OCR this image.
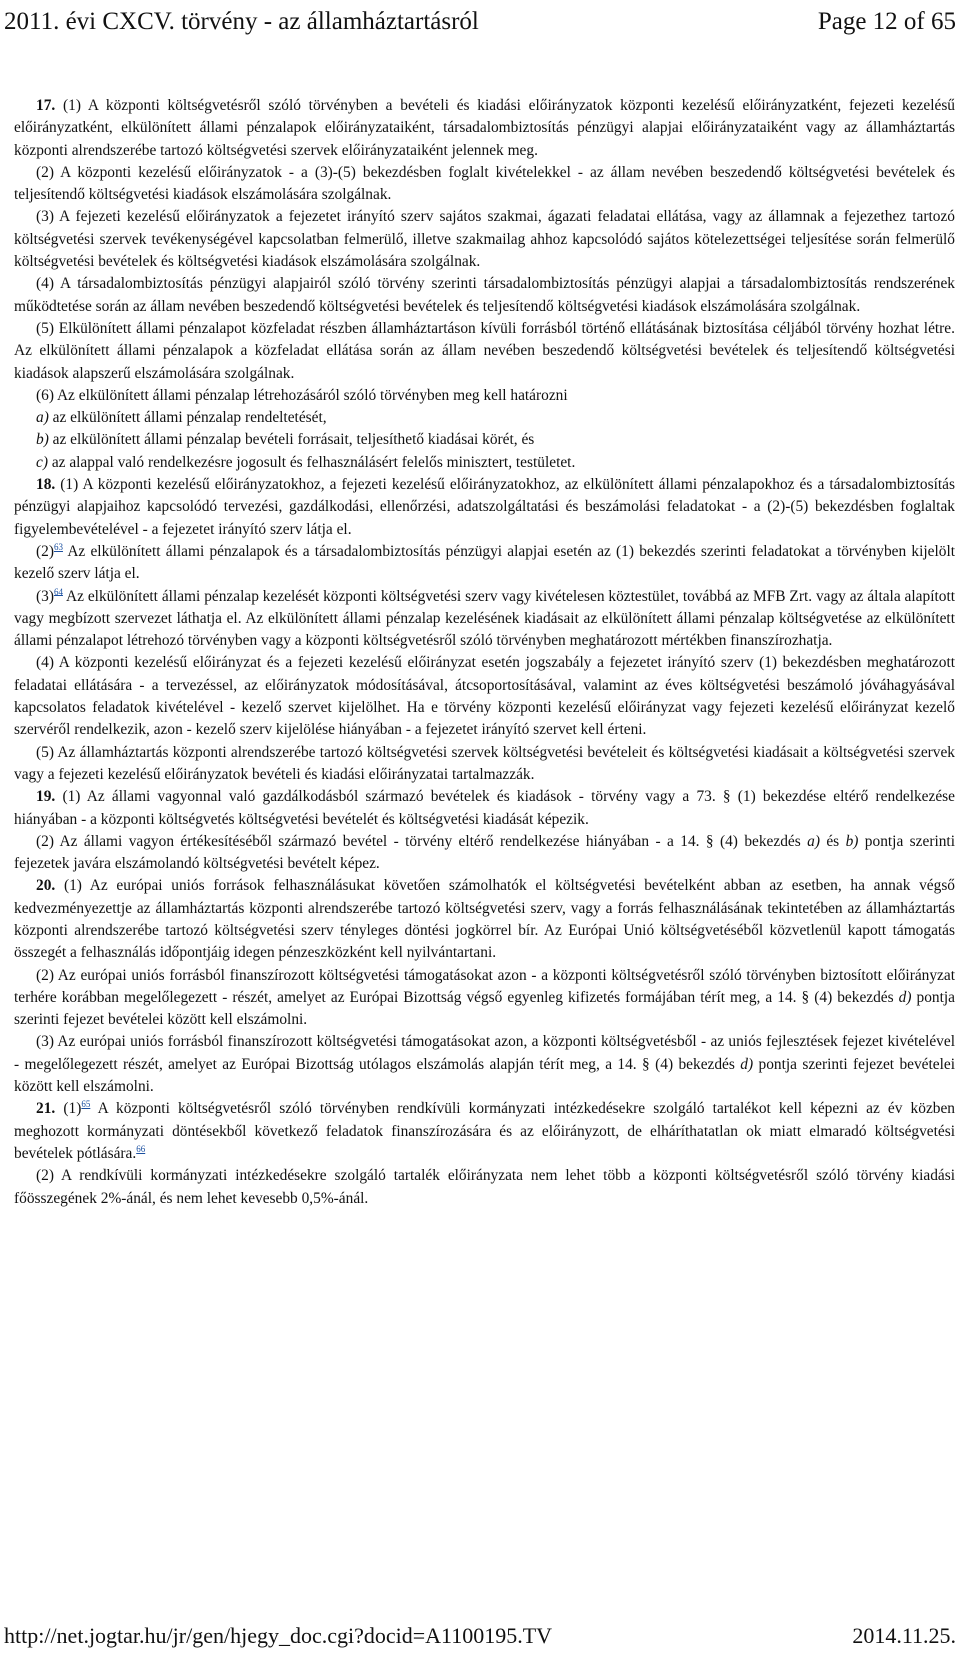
2011. évi CXCV. törvény - az államháztartásról	Page 12 of 65

17. (1) A központi költségvetésről szóló törvényben a bevételi és kiadási előirányzatok központi kezelésű előirányzatként, fejezeti kezelésű előirányzatként, elkülönített állami pénzalapok előirányzataiként, társadalombiztosítás pénzügyi alapjai előirányzataiként vagy az államháztartás központi alrendszerébe tartozó költségvetési szervek előirányzataiként jelennek meg.

(2) A központi kezelésű előirányzatok - a (3)-(5) bekezdésben foglalt kivételekkel - az állam nevében beszedendő költségvetési bevételek és teljesítendő költségvetési kiadások elszámolására szolgálnak.

(3) A fejezeti kezelésű előirányzatok a fejezetet irányító szerv sajátos szakmai, ágazati feladatai ellátása, vagy az államnak a fejezethez tartozó költségvetési szervek tevékenységével kapcsolatban felmerülő, illetve szakmailag ahhoz kapcsolódó sajátos kötelezettségei teljesítése során felmerülő költségvetési bevételek és költségvetési kiadások elszámolására szolgálnak.

(4) A társadalombiztosítás pénzügyi alapjairól szóló törvény szerinti társadalombiztosítás pénzügyi alapjai a társadalombiztosítás rendszerének működtetése során az állam nevében beszedendő költségvetési bevételek és teljesítendő költségvetési kiadások elszámolására szolgálnak.

(5) Elkülönített állami pénzalapot közfeladat részben államháztartáson kívüli forrásból történő ellátásának biztosítása céljából törvény hozhat létre. Az elkülönített állami pénzalapok a közfeladat ellátása során az állam nevében beszedendő költségvetési bevételek és teljesítendő költségvetési kiadások alapszerű elszámolására szolgálnak.

(6) Az elkülönített állami pénzalap létrehozásáról szóló törvényben meg kell határozni

a) az elkülönített állami pénzalap rendeltetését,

b) az elkülönített állami pénzalap bevételi forrásait, teljesíthető kiadásai körét, és

c) az alappal való rendelkezésre jogosult és felhasználásért felelős minisztert, testületet.

18. (1) A központi kezelésű előirányzatokhoz, a fejezeti kezelésű előirányzatokhoz, az elkülönített állami pénzalapokhoz és a társadalombiztosítás pénzügyi alapjaihoz kapcsolódó tervezési, gazdálkodási, ellenőrzési, adatszolgáltatási és beszámolási feladatokat - a (2)-(5) bekezdésben foglaltak figyelembevételével - a fejezetet irányító szerv látja el.

(2)$^{63}$ Az elkülönített állami pénzalapok és a társadalombiztosítás pénzügyi alapjai esetén az (1) bekezdés szerinti feladatokat a törvényben kijelölt kezelő szerv látja el.

(3)$^{64}$ Az elkülönített állami pénzalap kezelését központi költségvetési szerv vagy kivételesen köztestület, továbbá az MFB Zrt. vagy az általa alapított vagy megbízott szervezet láthatja el. Az elkülönített állami pénzalap kezelésének kiadásait az elkülönített állami pénzalap költségvetése az elkülönített állami pénzalapot létrehozó törvényben vagy a központi költségvetésről szóló törvényben meghatározott mértékben finanszírozhatja.

(4) A központi kezelésű előirányzat és a fejezeti kezelésű előirányzat esetén jogszabály a fejezetet irányító szerv (1) bekezdésben meghatározott feladatai ellátására - a tervezéssel, az előirányzatok módosításával, átcsoportosításával, valamint az éves költségvetési beszámoló jóváhagyásával kapcsolatos feladatok kivételével - kezelő szervet kijelölhet. Ha e törvény központi kezelésű előirányzat vagy fejezeti kezelésű előirányzat kezelő szervéről rendelkezik, azon - kezelő szerv kijelölése hiányában - a fejezetet irányító szervet kell érteni.

(5) Az államháztartás központi alrendszerébe tartozó költségvetési szervek költségvetési bevételeit és költségvetési kiadásait a költségvetési szervek vagy a fejezeti kezelésű előirányzatok bevételi és kiadási előirányzatai tartalmazzák.

19. (1) Az állami vagyonnal való gazdálkodásból származó bevételek és kiadások - törvény vagy a 73. § (1) bekezdése eltérő rendelkezése hiányában - a központi költségvetés költségvetési bevételét és költségvetési kiadását képezik.

(2) Az állami vagyon értékesítéséből származó bevétel - törvény eltérő rendelkezése hiányában - a 14. § (4) bekezdés a) és b) pontja szerinti fejezetek javára elszámolandó költségvetési bevételt képez.

20. (1) Az európai uniós források felhasználásukat követően számolhatók el költségvetési bevételként abban az esetben, ha annak végső kedvezményezettje az államháztartás központi alrendszerébe tartozó költségvetési szerv, vagy a forrás felhasználásának tekintetében az államháztartás központi alrendszerébe tartozó költségvetési szerv tényleges döntési jogkörrel bír. Az Európai Unió költségvetéséből közvetlenül kapott támogatás összegét a felhasználás időpontjáig idegen pénzeszközként kell nyilvántartani.

(2) Az európai uniós forrásból finanszírozott költségvetési támogatásokat azon - a központi költségvetésről szóló törvényben biztosított előirányzat terhére korábban megelőlegezett - részét, amelyet az Európai Bizottság végső egyenleg kifizetés formájában térít meg, a 14. § (4) bekezdés d) pontja szerinti fejezet bevételei között kell elszámolni.

(3) Az európai uniós forrásból finanszírozott költségvetési támogatásokat azon, a központi költségvetésből - az uniós fejlesztések fejezet kivételével - megelőlegezett részét, amelyet az Európai Bizottság utólagos elszámolás alapján térít meg, a 14. § (4) bekezdés d) pontja szerinti fejezet bevételei között kell elszámolni.

21. (1)$^{65}$ A központi költségvetésről szóló törvényben rendkívüli kormányzati intézkedésekre szolgáló tartalékot kell képezni az év közben meghozott kormányzati döntésekből következő feladatok finanszírozására és az előirányzott, de elháríthatatlan ok miatt elmaradó költségvetési bevételek pótlására.$^{66}$

(2) A rendkívüli kormányzati intézkedésekre szolgáló tartalék előirányzata nem lehet több a központi költségvetésről szóló törvény kiadási főösszegének 2%-ánál, és nem lehet kevesebb 0,5%-ánál.

http://net.jogtar.hu/jr/gen/hjegy_doc.cgi?docid=A1100195.TV	2014.11.25.
